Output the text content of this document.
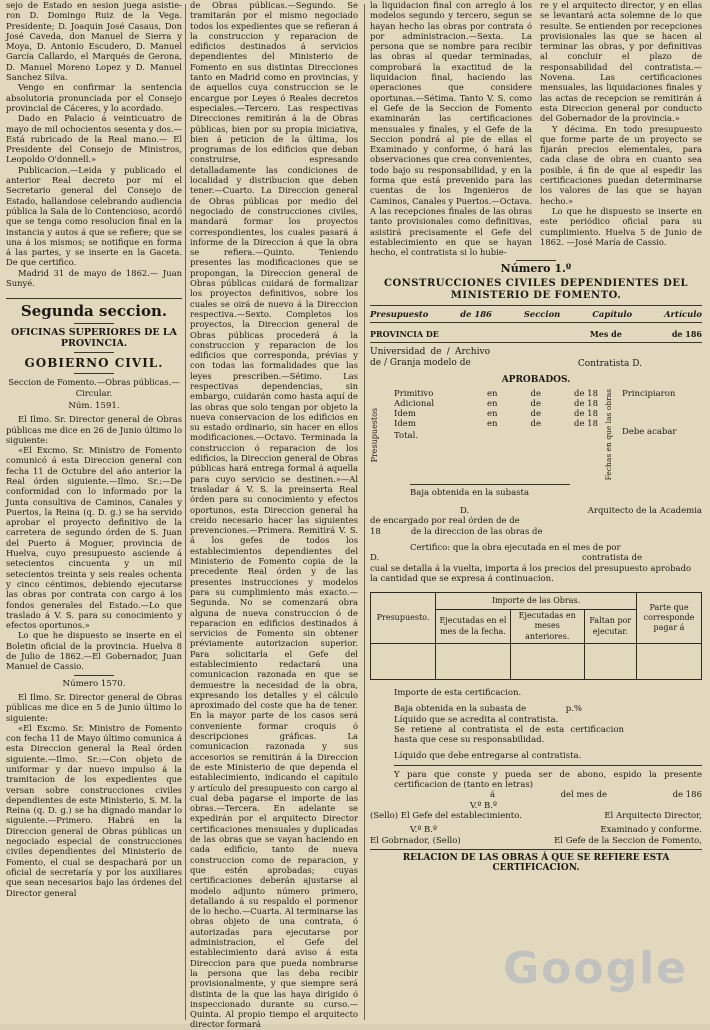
sejo de Estado en sesion juega asistie-ron D. Domingo Ruiz de la Vega. Presidente; D. Joaquin José Casaus, Don José Caveda, don Manuel de Sierra y Moya, D. Antonio Escudero, D. Manuel García Callardo, el Marqués de Gerona, D. Manuel Moreno Lopez y D. Manuel Sanchez Silva.

Vengo en confirmar la sentencia absolutoria pronunciada por el Consejo provincial de Cáceres, y lo acordado.

Dado en Palacio á veinticuatro de mayo de mil ochocientos sesenta y dos.—Está rubricado de la Real mano.— El Presidente del Consejo de Ministros, Leopoldo O'donnell.»

Publicacion.—Leida y publicado el anterior Real decreto por mí el Secretario general del Consejo de Estado, hallandose celebrando audiencia pública la Sala de lo Contencioso, acordó que se tenga como resolucion final en la instancia y autos á que se refiere; que se una á los mismos; se notifique en forma á las partes, y se inserte en la Gaceta. De que certifico.

Madrid 31 de mayo de 1862.— Juan Sunyé.

Segunda seccion.
OFICINAS SUPERIORES DE LA PROVINCIA.
GOBIERNO CIVIL.

Seccion de Fomento.—Obras públicas.—Circular.

Núm. 1591.

El Ilmo. Sr. Director general de Obras públicas me dice en 26 de Junio último lo siguiente:

«El Excmo. Sr. Ministro de Fomento comunicó á esta Direccion general con fecha 11 de Octubre del año anterior la Real órden siguiente.—Ilmo. Sr.:—De conformidad con lo informado por la Junta consultiva de Caminos, Canales y Puertos, la Reina (q. D. g.) se ha servido aprobar el proyecto definitivo de la carretera de segundo órden de S. Juan del Puerto á Moguer, provincia de Huelva, cuyo presupuesto asciende á setecientos cincuenta y un mil setecientos treinta y seis reales ochenta y cinco céntimos, debiendo ejecutarse las obras por contrata con cargo á los fondos generales del Estado.—Lo que traslado á V. S. para su conocimiento y efectos oportunos.»

Lo que he dispuesto se inserte en el Boletin oficial de la provincia. Huelva 8 de Julio de 1862.—El Gobernador, Juan Manuel de Cassio.

Número 1570.

El Ilmo. Sr. Director general de Obras públicas me dice en 5 de Junio último lo siguiente:

«El Excmo. Sr. Ministro de Fomento con fecha 11 de Mayo último comunica á esta Direccion general la Real órden siguiente.—Ilmo. Sr.:—Con objeto de uniformar y dar nuevo impulso á la tramitacion de los expedientes que versan sobre construcciones civiles dependientes de este Ministerio, S. M. la Reina (q. D. g.) se ha dignado mandar lo siguiente.—Primero. Habrá en la Direccion general de Obras públicas un negociado especial de construcciones civiles dependientes del Ministerio de Fomento, el cual se despachará por un oficial de secretaría y por los auxiliares que sean necesarios bajo las órdenes del Director general

de Obras públicas.—Segundo. Se tramitarán por el mismo negociado todos los expedientes que se refieran á la construccion y reparacion de edificios destinados á servicios dependientes del Ministerio de Fomento en sus distintas Direcciones tanto en Madrid como en provincias, y de aquellos cuya construccion se le encargue por Leyes ó Reales decretos especiales.—Tercero. Las respectivas Direcciones remitirán á la de Obras públicas, bien por su propia iniciativa, bien á peticion de la última, los programas de los edificios que deban construirse, espresando detalladamente las condiciones de localidad y distribucion que deben tener.—Cuarto. La Direccion general de Obras públicas por medio del negociado de construcciones civiles, mandará formar los proyectos correspondientes, los cuales pasará á informe de la Direccion á que la obra se refiera.—Quinto. Teniendo presentes las modificaciones que se propongan, la Direccion general de Obras públicas cuidará de formalizar los proyectos definitivos, sobre los cuales se oirá de nuevo á la Direccion respectiva.—Sexto. Completos los proyectos, la Direccion general de Obras públicas procederá á la construccion y reparacion de los edificios que corresponda, prévias y con todas las formalidades que las leyes prescriben.—Sétimo. Las respectivas dependencias, sin embargo, cuidarán como hasta aquí de las obras que solo tengan por objeto la nueva conservacion de los edificios en su estado ordinario, sin hacer en ellos modificaciones.—Octavo. Terminada la construccion ó reparacion de los edificios, la Direccion general de Obras públicas hará entrega formal á aquella para cuyo servicio se destinen.»—Al trasladar á V. S. la preinserta Real órden para su conocimiento y efectos oportunos, esta Direccion general ha creido necesario hacer las siguientes prevenciones.—Primera. Remitirá V. S. á los gefes de todos los establecimientos dependientes del Ministerio de Fomento copia de la precedente Real órden y de las presentes instrucciones y modelos para su cumplimiento más exacto.—Segunda. No se comenzará obra alguna de nueva construccion ó de reparacion en edificios destinados á servicios de Fomento sin obtener préviamente autorizacion superior. Para solicitarla el Gefe del establecimiento redactará una comunicacion razonada en que se demuestre la necesidad de la obra, expresando los detalles y el cálculo aproximado del coste que ha de tener. En la mayor parte de los casos será conveniente formar croquis ó descripciones gráficas. La comunicacion razonada y sus accesorios se remitirán á la Direccion de este Ministerio de que dependa el establecimiento, indicando el capítulo y artículo del presupuesto con cargo al cual deba pagarse el importe de las obras.—Tercera. En adelante se expedirán por el arquitecto Director certificaciones mensuales y duplicadas de las obras que se vayan haciendo en cada edificio, tanto de nueva construccion como de reparacion, y que estén aprobadas; cuyas certificaciones deberán ajustarse al modelo adjunto número primero, detallando á su respaldo el pormenor de lo hecho.—Cuarta. Al terminarse las obras objeto de una contrata, ó autorizadas para ejecutarse por administracion, el Gefe del establecimiento dará aviso á esta Direccion para que pueda nombrarse la persona que las deba recibir provisionalmente, y que siempre será distinta de la que las haya dirigido ó inspeccionado durante su curso.—Quinta. Al propio tiempo el arquitecto director formará

la liquidacion final con arreglo á los modelos segundo y tercero, segun se hayan hecho las obras por contrata ó por administracion.—Sexta. La persona que se nombre para recibir las obras al quedar terminadas, comprobará la exactitud de la liquidacion final, haciendo las operaciones que considere oportunas.—Sétima. Tanto V. S. como el Gefe de la Seccion de Fomento examinarán las certificaciones mensuales y finales, y el Gefe de la Seccion pondrá al pie de ellas el Examinado y conforme, ó hará las observaciones que crea convenientes, todo bajo su responsabilidad, y en la forma que está prevenido para las cuentas de los Ingenieros de Caminos, Canales y Puertos.—Octava. A las recepciones finales de las obras tanto provisionales como definitivas, asistirá precisamente el Gefe del establecimiento en que se hayan hecho, el contratista si lo hubie-

re y el arquitecto director, y en ellas se levantará acta solemne de lo que resulte. Se entienden por recepciones provisionales las que se hacen al terminar las obras, y por definitivas al concluir el plazo de responsabilidad del contratista.—Novena. Las certificaciones mensuales, las liquidaciones finales y las actas de recepcion se remitirán á esta Direccion general por conducto del Gobernador de la provincia.»

Y décima. En todo presupuesto que forme parte de un proyecto se fijarán precios elementales, para cada clase de obra en cuanto sea posible, á fin de que al espedir las certificaciones puedan determinarse los valores de las que se hayan hecho.»

Lo que he dispuesto se inserte en este periódico oficial para su cumplimiento. Huelva 5 de Junio de 1862. —José María de Cassio.

Número 1.º
CONSTRUCCIONES CIVILES DEPENDIENTES DEL MINISTERIO DE FOMENTO.
Presupuesto	de 186	Seccion	Capítulo	Artículo
PROVINCIA DE	Mes de	de 186
Universidad de / Archivo de / Granja modelo de	Contratista D.
APROBADOS.
Presupuestos
Primitivo	en	de	de 18
Adicional	en	de	de 18
Idem	en	de	de 18
Idem	en	de	de 18
Total.	Fechas en que las obras	Principiaron
Debe acabar
Baja obtenida en la subasta
D.	Arquitecto de la Academia
de encargado por real órden de de
18	de la direccion de las obras de
Certifico: que la obra ejecutada en el mes de por
D.	contratista de
cual se detalla á la vuelta, importa á los precios del presupuesto aprobado
la cantidad que se expresa á continuacion.
Presupuesto.	Importe de las Obras.			Parte que corresponde pagar á
	Ejecutadas en el mes de la fecha.	Ejecutadas en meses anteriores.	Faltan por ejecutar.	

Importe de esta certificacion.
Baja obtenida en la subasta de	p.%
Líquido que se acredita al contratista.
Se retiene al contratista el de esta certificacion hasta que cese su responsabilidad.
Líquido que debe entregarse al contratista.
Y para que conste y pueda ser de abono, espido la presente certificacion de (tanto en letras)
á	del mes de	de 186
V.º B.º
(Sello) El Gefe del establecimiento.	El Arquitecto Director,
V.º B.º	Examinado y conforme.
El Gobrnador, (Sello)	El Gefe de la Seccion de Fomento,
RELACION DE LAS OBRAS Á QUE SE REFIERE ESTA CERTIFICACION.
Google
